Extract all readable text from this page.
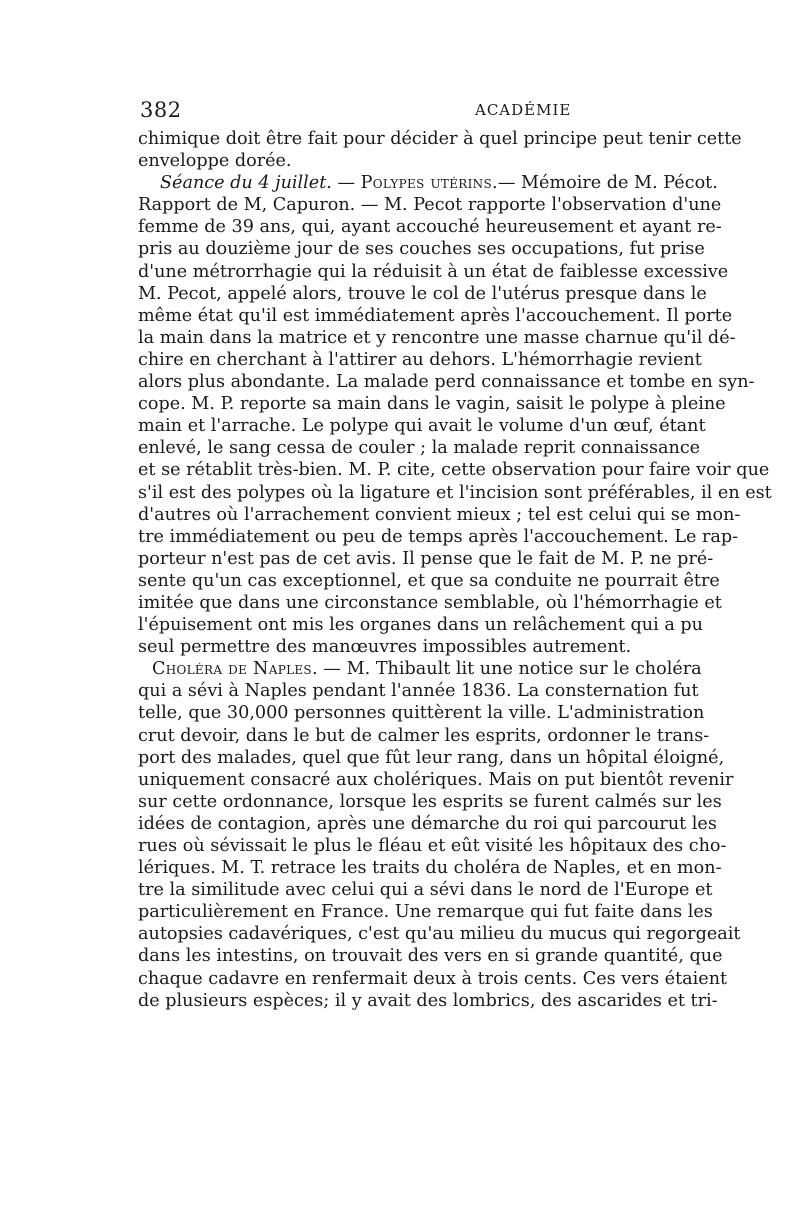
382	ACADÉMIE
chimique doit être fait pour décider à quel principe peut tenir cette
enveloppe dorée.
Séance du 4 juillet. — Polypes utérins.— Mémoire de M. Pécot.
Rapport de M, Capuron. — M. Pecot rapporte l'observation d'une
femme de 39 ans, qui, ayant accouché heureusement et ayant re-
pris au douzième jour de ses couches ses occupations, fut prise
d'une métrorrhagie qui la réduisit à un état de faiblesse excessive
M. Pecot, appelé alors, trouve le col de l'utérus presque dans le
même état qu'il est immédiatement après l'accouchement. Il porte
la main dans la matrice et y rencontre une masse charnue qu'il dé-
chire en cherchant à l'attirer au dehors. L'hémorrhagie revient
alors plus abondante. La malade perd connaissance et tombe en syn-
cope. M. P. reporte sa main dans le vagin, saisit le polype à pleine
main et l'arrache. Le polype qui avait le volume d'un œuf, étant
enlevé, le sang cessa de couler ; la malade reprit connaissance
et se rétablit très-bien. M. P. cite, cette observation pour faire voir que
s'il est des polypes où la ligature et l'incision sont préférables, il en est
d'autres où l'arrachement convient mieux ; tel est celui qui se mon-
tre immédiatement ou peu de temps après l'accouchement. Le rap-
porteur n'est pas de cet avis. Il pense que le fait de M. P. ne pré-
sente qu'un cas exceptionnel, et que sa conduite ne pourrait être
imitée que dans une circonstance semblable, où l'hémorrhagie et
l'épuisement ont mis les organes dans un relâchement qui a pu
seul permettre des manœuvres impossibles autrement.
Choléra de Naples. — M. Thibault lit une notice sur le choléra
qui a sévi à Naples pendant l'année 1836. La consternation fut
telle, que 30,000 personnes quittèrent la ville. L'administration
crut devoir, dans le but de calmer les esprits, ordonner le trans-
port des malades, quel que fût leur rang, dans un hôpital éloigné,
uniquement consacré aux cholériques. Mais on put bientôt revenir
sur cette ordonnance, lorsque les esprits se furent calmés sur les
idées de contagion, après une démarche du roi qui parcourut les
rues où sévissait le plus le fléau et eût visité les hôpitaux des cho-
lériques. M. T. retrace les traits du choléra de Naples, et en mon-
tre la similitude avec celui qui a sévi dans le nord de l'Europe et
particulièrement en France. Une remarque qui fut faite dans les
autopsies cadavériques, c'est qu'au milieu du mucus qui regorgeait
dans les intestins, on trouvait des vers en si grande quantité, que
chaque cadavre en renfermait deux à trois cents. Ces vers étaient
de plusieurs espèces; il y avait des lombrics, des ascarides et tri-
